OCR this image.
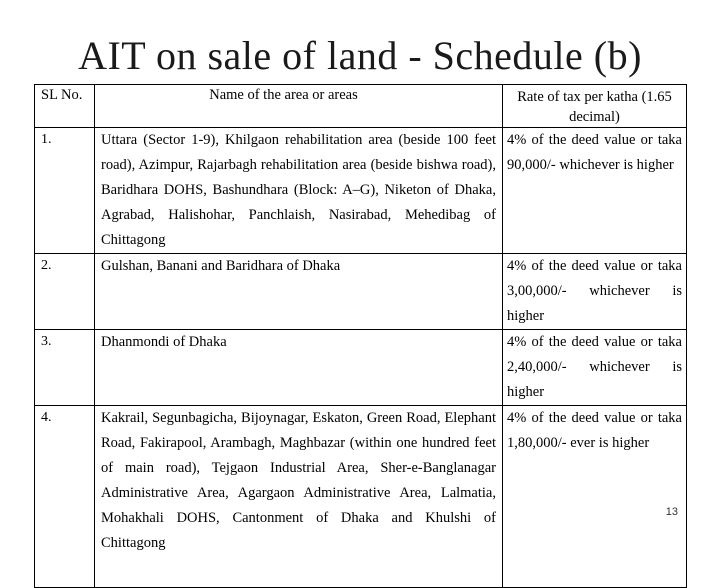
AIT on sale of land - Schedule (b)
SL No.	Name of the area or areas	Rate of tax per katha (1.65 decimal)
1.	Uttara (Sector 1-9), Khilgaon rehabilitation area (beside 100 feet road), Azimpur, Rajarbagh rehabilitation area (beside bishwa road), Baridhara DOHS, Bashundhara (Block: A–G), Niketon of Dhaka, Agrabad, Halishohar, Panchlaish, Nasirabad, Mehedibag of Chittagong	4% of the deed value or taka 90,000/- whichever is higher

2.	Gulshan, Banani and Baridhara of Dhaka	4% of the deed value or taka 3,00,000/- whichever is higher

3.	Dhanmondi of Dhaka	4% of the deed value or taka 2,40,000/- whichever is higher

4.	Kakrail, Segunbagicha, Bijoynagar, Eskaton, Green Road, Elephant Road, Fakirapool, Arambagh, Maghbazar (within one hundred feet of main road), Tejgaon Industrial Area, Sher-e-Banglanagar Administrative Area, Agargaon Administrative Area, Lalmatia, Mohakhali DOHS, Cantonment of Dhaka and Khulshi of Chittagong	4% of the deed value or taka 1,80,000/- ever is higher
13
